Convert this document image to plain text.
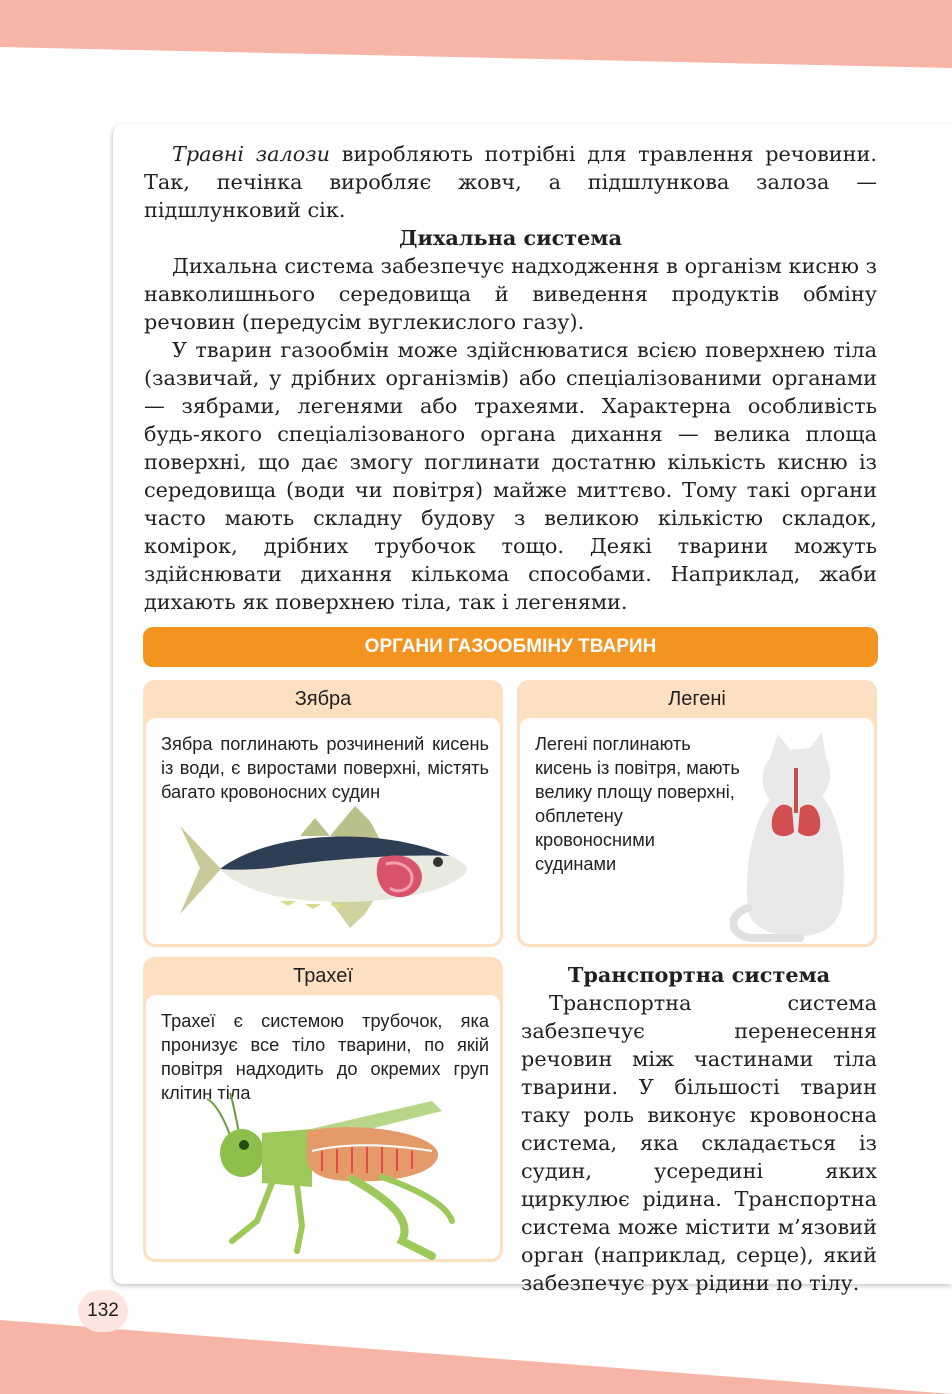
Травні залози виробляють потрібні для травлення речовини. Так, печінка виробляє жовч, а підшлункова залоза — підшлунковий сік.

Дихальна система

Дихальна система забезпечує надходження в організм кисню з навколишнього середовища й виведення продуктів обміну речовин (передусім вуглекислого газу).

У тварин газообмін може здійснюватися всією поверхнею тіла (зазвичай, у дрібних організмів) або спеціалізованими органами — зябрами, легенями або трахеями. Характерна особливість будь-якого спеціалізованого органа дихання — велика площа поверхні, що дає змогу поглинати достатню кількість кисню із середовища (води чи повітря) майже миттєво. Тому такі органи часто мають складну будову з великою кількістю складок, комірок, дрібних трубочок тощо. Деякі тварини можуть здійснювати дихання кількома способами. Наприклад, жаби дихають як поверхнею тіла, так і легенями.

ОРГАНИ ГАЗООБМІНУ ТВАРИН
Зябра
Зябра поглинають розчинений кисень із води, є виростами поверхні, містять багато кровоносних судин
Легені
Легені поглинають кисень із повітря, мають велику площу поверхні, обплетену кровоносними судинами
Трахеї
Трахеї є системою трубочок, яка пронизує все тіло тварини, по якій повітря надходить до окремих груп клітин тіла

Транспортна система

Транспортна система забезпечує перенесення речовин між частинами тіла тварини. У більшості тварин таку роль виконує кровоносна система, яка складається із судин, усередині яких циркулює рідина. Транспортна система може містити м’язовий орган (наприклад, серце), який забезпечує рух рідини по тілу.

132
